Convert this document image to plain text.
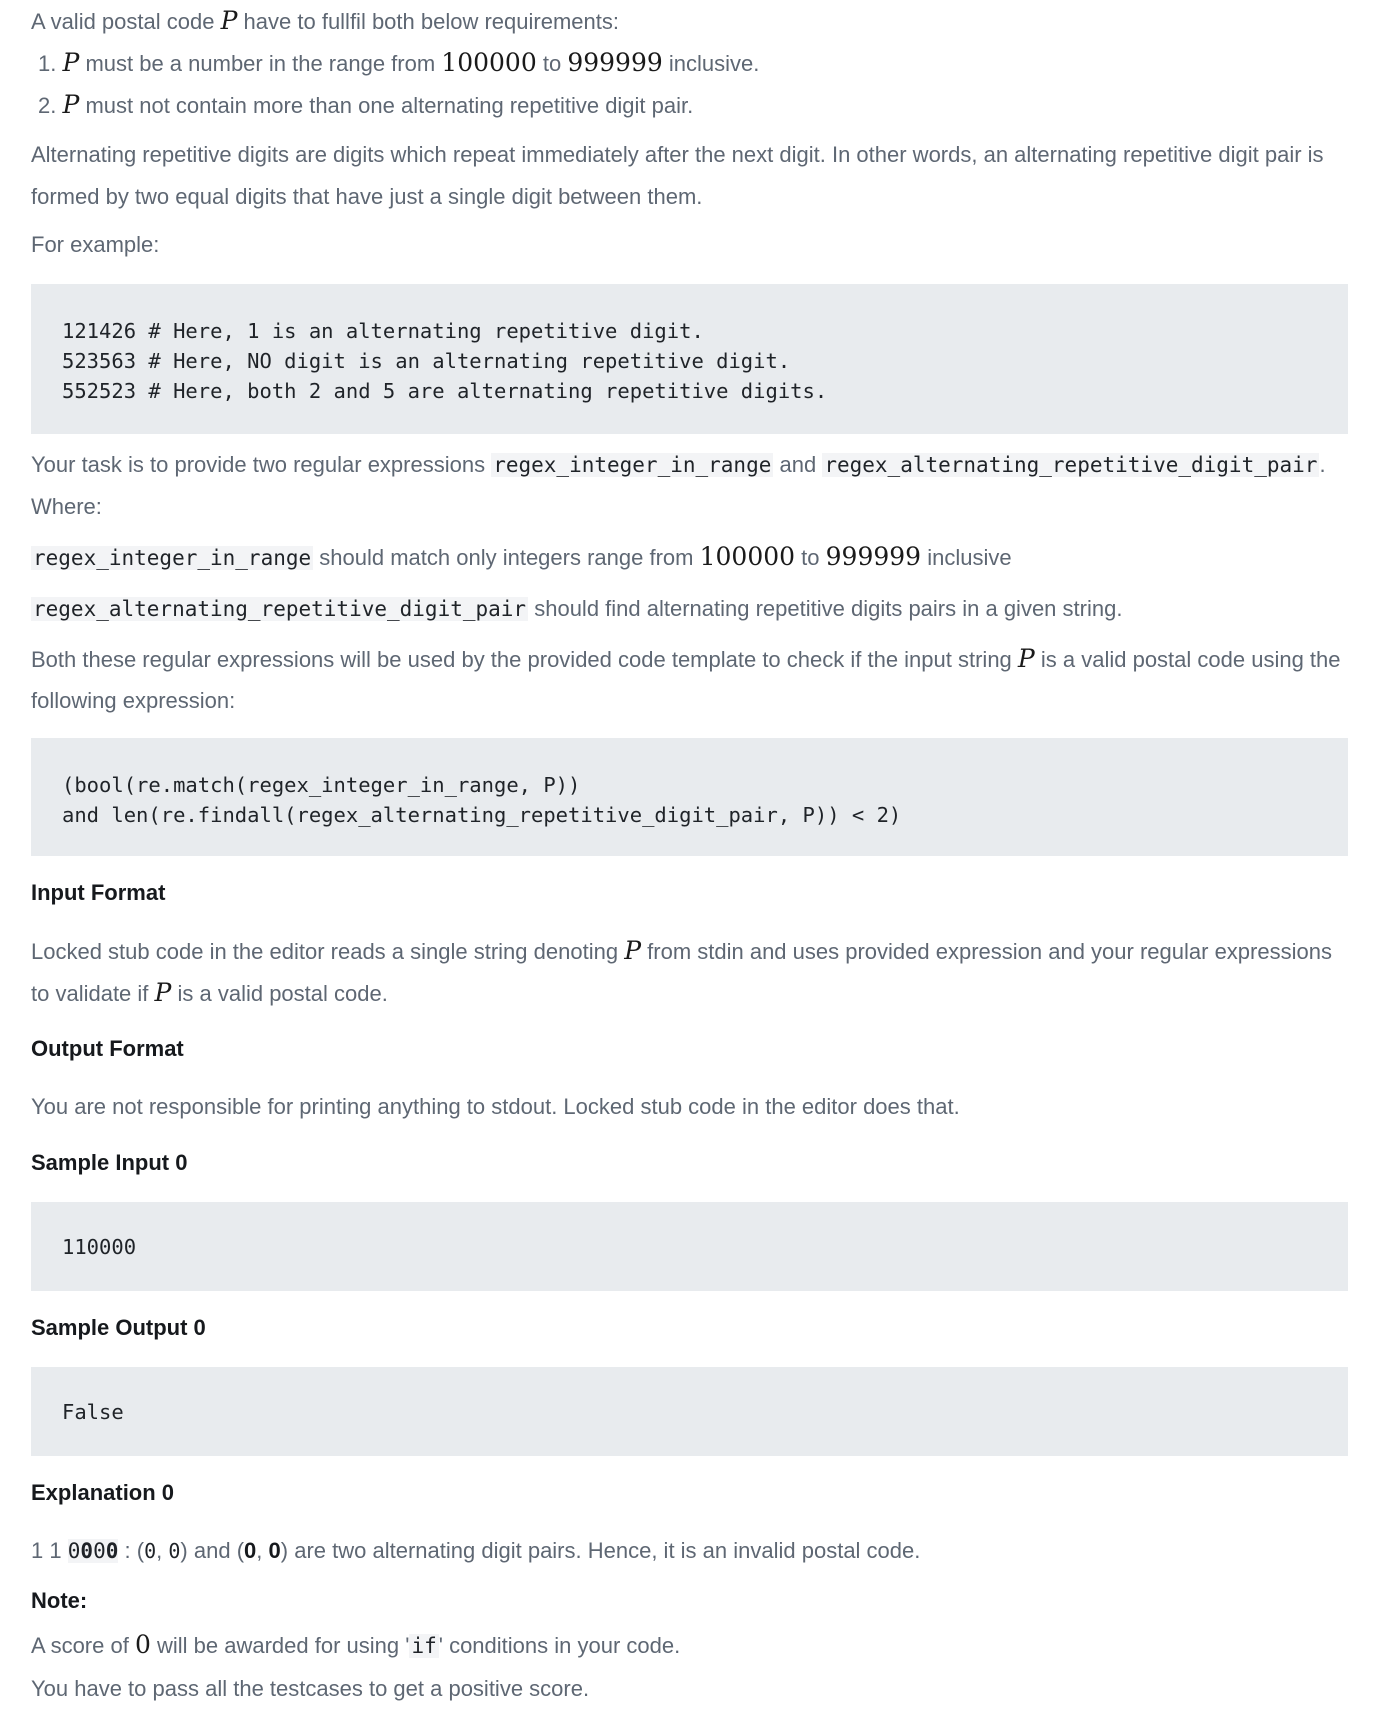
A valid postal code P have to fullfil both below requirements:
1. P must be a number in the range from 100000 to 999999 inclusive.
2. P must not contain more than one alternating repetitive digit pair.
Alternating repetitive digits are digits which repeat immediately after the next digit. In other words, an alternating repetitive digit pair is
formed by two equal digits that have just a single digit between them.
For example:
121426 # Here, 1 is an alternating repetitive digit.
523563 # Here, NO digit is an alternating repetitive digit.
552523 # Here, both 2 and 5 are alternating repetitive digits.
Your task is to provide two regular expressions regex_integer_in_range and regex_alternating_repetitive_digit_pair.
Where:
regex_integer_in_range should match only integers range from 100000 to 999999 inclusive
regex_alternating_repetitive_digit_pair should find alternating repetitive digits pairs in a given string.
Both these regular expressions will be used by the provided code template to check if the input string P is a valid postal code using the
following expression:
(bool(re.match(regex_integer_in_range, P))
and len(re.findall(regex_alternating_repetitive_digit_pair, P)) < 2)
Input Format
Locked stub code in the editor reads a single string denoting P from stdin and uses provided expression and your regular expressions
to validate if P is a valid postal code.
Output Format
You are not responsible for printing anything to stdout. Locked stub code in the editor does that.
Sample Input 0
110000
Sample Output 0
False
Explanation 0
1 1 0000 : (0, 0) and (0, 0) are two alternating digit pairs. Hence, it is an invalid postal code.
Note:
A score of 0 will be awarded for using 'if' conditions in your code.
You have to pass all the testcases to get a positive score.
